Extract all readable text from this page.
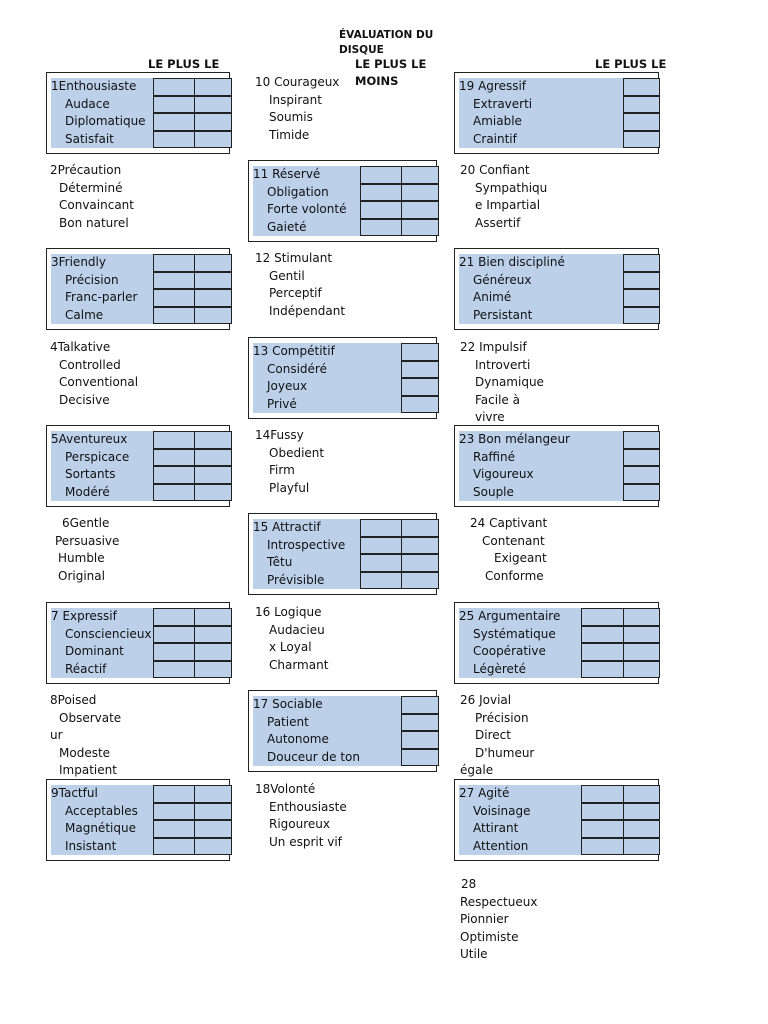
ÉVALUATION DU
DISQUE
LE PLUS LE	LE PLUS LE
MOINS
LE PLUS LE
1Enthousiaste
Audace
Diplomatique
Satisfait
3Friendly
Précision
Franc-parler
Calme
5Aventureux
Perspicace
Sortants
Modéré
7 Expressif
Consciencieux
Dominant
Réactif
9Tactful
Acceptables
Magnétique
Insistant
11 Réservé
Obligation
Forte volonté
Gaieté
13 Compétitif
Considéré
Joyeux
Privé
15 Attractif
Introspective
Têtu
Prévisible
17 Sociable
Patient
Autonome
Douceur de ton
19 Agressif
Extraverti
Amiable
Craintif
21 Bien discipliné
Généreux
Animé
Persistant
23 Bon mélangeur
Raffiné
Vigoureux
Souple
25 Argumentaire
Systématique
Coopérative
Légèreté
27 Agité
Voisinage
Attirant
Attention
2Précaution
Déterminé
Convaincant
Bon naturel
4Talkative
Controlled
Conventional
Decisive
6Gentle
Persuasive
Humble
Original
8Poised
Observate
ur
Modeste
Impatient
10 Courageux
Inspirant
Soumis
Timide
12 Stimulant
Gentil
Perceptif
Indépendant
14Fussy
Obedient
Firm
Playful
16 Logique
Audacieu
x Loyal
Charmant
18Volonté
Enthousiaste
Rigoureux
Un esprit vif
20 Confiant
Sympathiqu
e Impartial
Assertif
22 Impulsif
Introverti
Dynamique
Facile à
vivre
24 Captivant
Contenant
Exigeant
Conforme
26 Jovial
Précision
Direct
D'humeur
égale
28
Respectueux
Pionnier
Optimiste
Utile
